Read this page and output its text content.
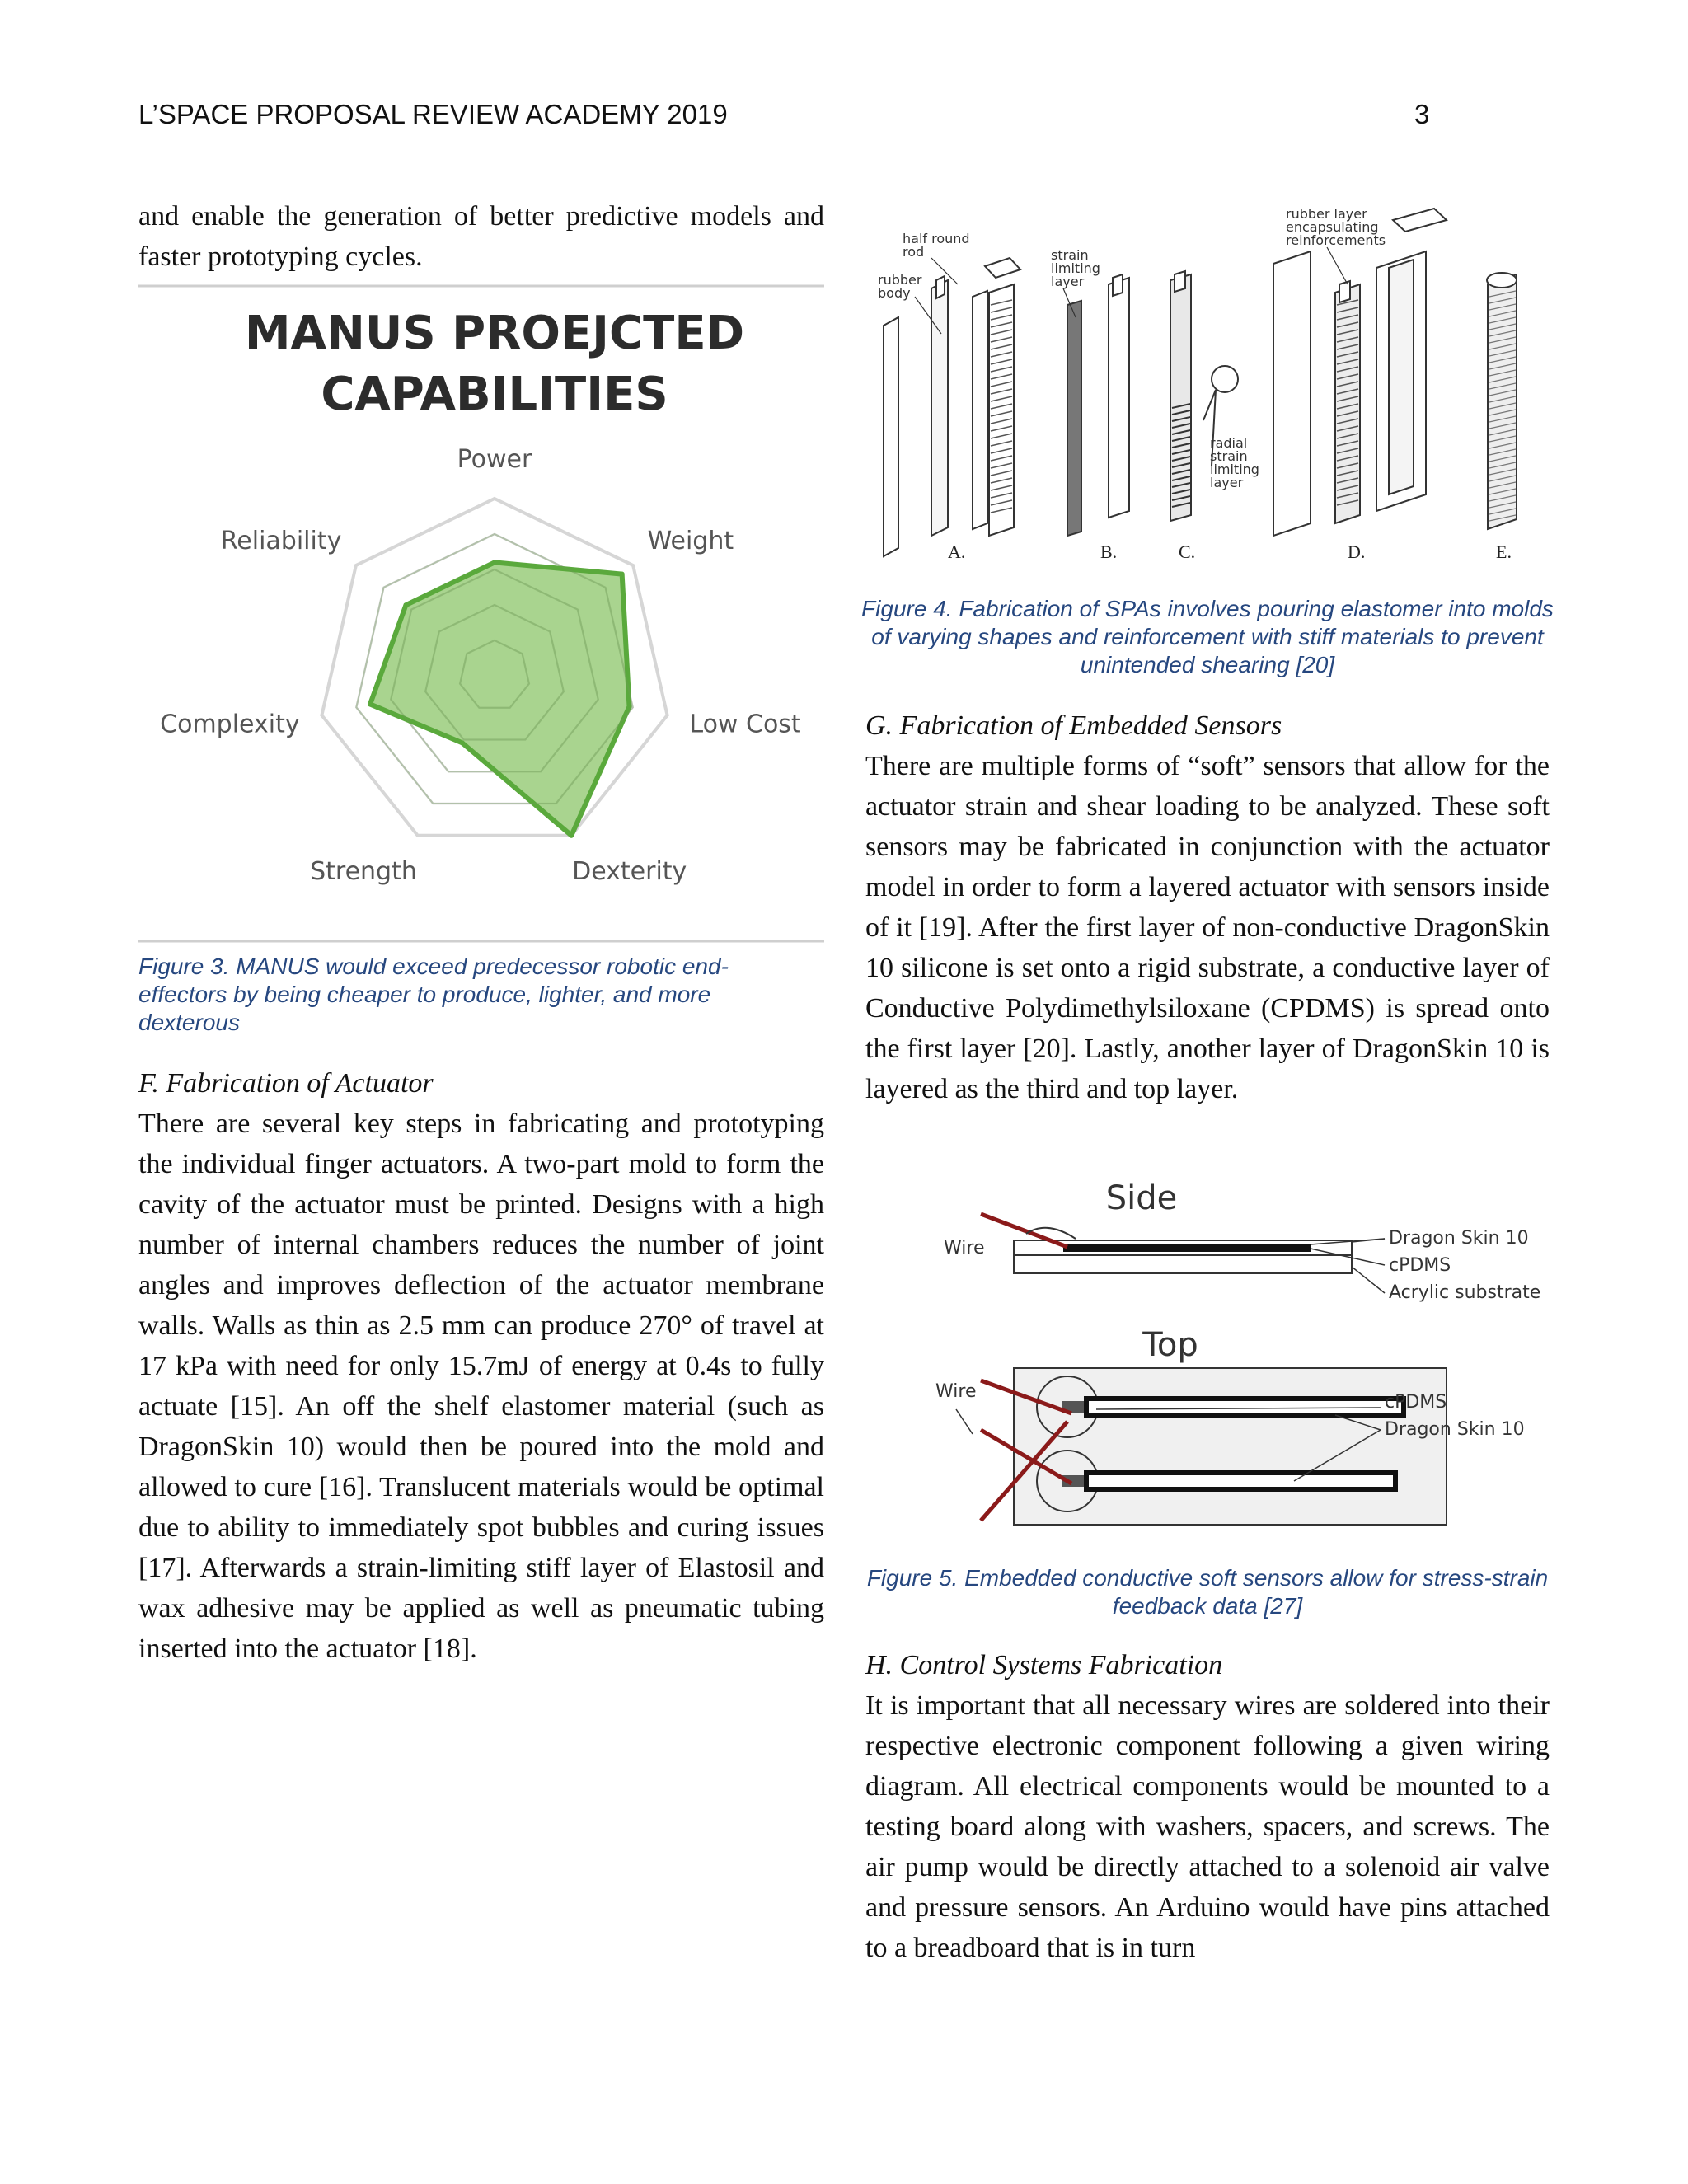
L’SPACE PROPOSAL REVIEW ACADEMY 2019	3

and enable the generation of better predictive models and faster prototyping cycles.

MANUS PROEJCTED
CAPABILITIES
Power
Weight
Low Cost
Dexterity
Strength
Complexity
Reliability
Figure 3. MANUS would exceed predecessor robotic end-effectors by being cheaper to produce, lighter, and more dexterous

F. Fabrication of Actuator

There are several key steps in fabricating and prototyping the individual finger actuators. A two-part mold to form the cavity of the actuator must be printed. Designs with a high number of internal chambers reduces the number of joint angles and improves deflection of the actuator membrane walls. Walls as thin as 2.5 mm can produce 270° of travel at 17 kPa with need for only 15.7mJ of energy at 0.4s to fully actuate [15]. An off the shelf elastomer material (such as DragonSkin 10) would then be poured into the mold and allowed to cure [16]. Translucent materials would be optimal due to ability to immediately spot bubbles and curing issues [17]. Afterwards a strain-limiting stiff layer of Elastosil and wax adhesive may be applied as well as pneumatic tubing inserted into the actuator [18].

half round
rod
rubber
body
strain
limiting
layer
rubber layer
encapsulating
reinforcements
radial
strain
limiting
layer
A.	B.	C.	D.	E.
Figure 4. Fabrication of SPAs involves pouring elastomer into molds of varying shapes and reinforcement with stiff materials to prevent unintended shearing [20]

G. Fabrication of Embedded Sensors

There are multiple forms of “soft” sensors that allow for the actuator strain and shear loading to be analyzed. These soft sensors may be fabricated in conjunction with the actuator model in order to form a layered actuator with sensors inside of it [19]. After the first layer of non-conductive DragonSkin 10 silicone is set onto a rigid substrate, a conductive layer of Conductive Polydimethylsiloxane (CPDMS) is spread onto the first layer [20]. Lastly, another layer of DragonSkin 10 is layered as the third and top layer.

Side
Wire	Dragon Skin 10
cPDMS
Acrylic substrate
Top
Wire
cPDMS
Dragon Skin 10
Figure 5. Embedded conductive soft sensors allow for stress-strain feedback data [27]

H. Control Systems Fabrication

It is important that all necessary wires are soldered into their respective electronic component following a given wiring diagram. All electrical components would be mounted to a testing board along with washers, spacers, and screws. The air pump would be directly attached to a solenoid air valve and pressure sensors. An Arduino would have pins attached to a breadboard that is in turn
